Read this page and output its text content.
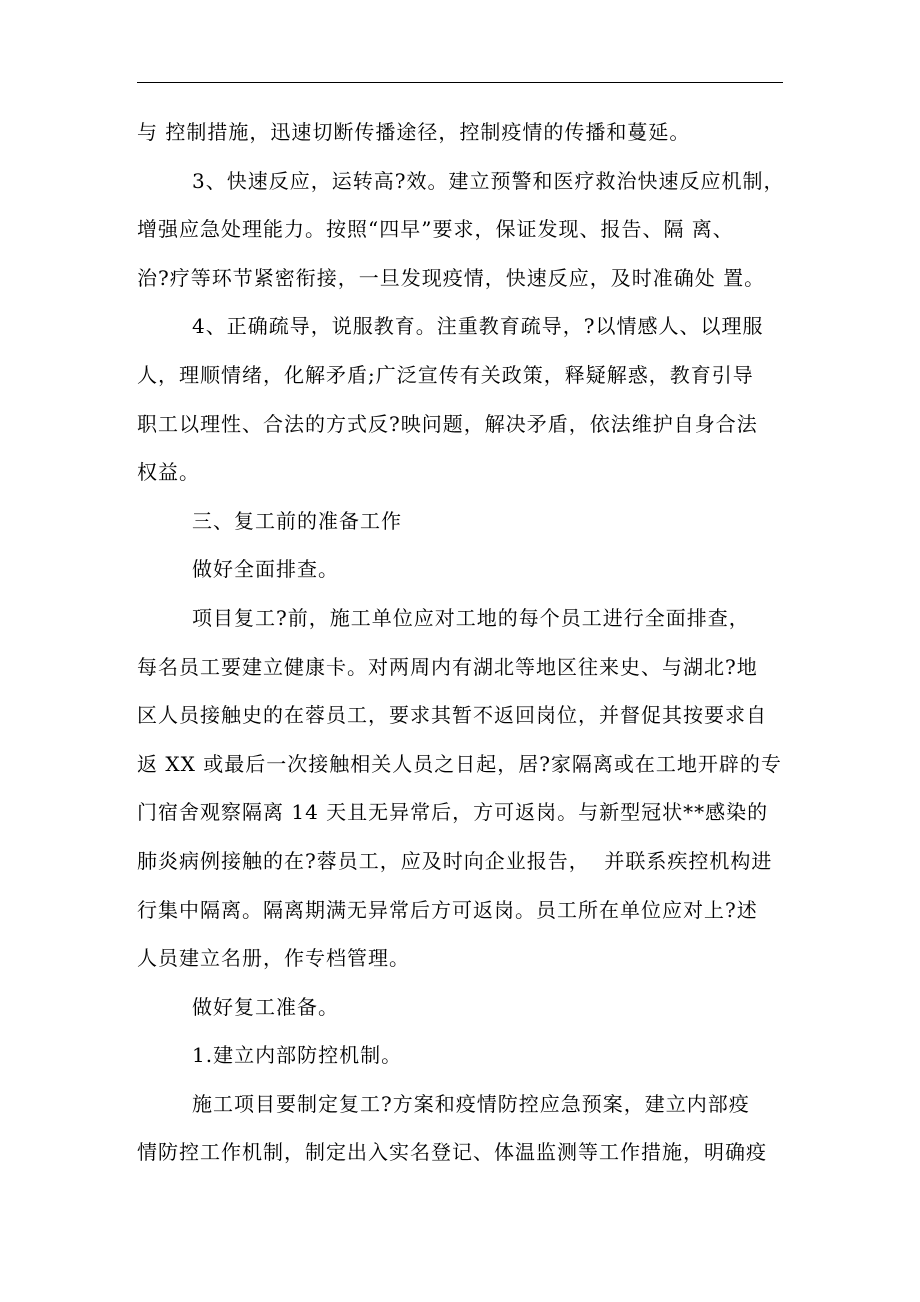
与 控制措施，迅速切断传播途径，控制疫情的传播和蔓延。
3、快速反应，运转高?效。建立预警和医疗救治快速反应机制，
增强应急处理能力。按照“四早”要求，保证发现、报告、隔 离、
治?疗等环节紧密衔接，一旦发现疫情，快速反应，及时准确处 置。
4、正确疏导，说服教育。注重教育疏导，?以情感人、以理服
人，理顺情绪，化解矛盾;广泛宣传有关政策，释疑解惑，教育引导
职工以理性、合法的方式反?映问题，解决矛盾，依法维护自身合法
权益。
三、复工前的准备工作
做好全面排查。
项目复工?前，施工单位应对工地的每个员工进行全面排查，
每名员工要建立健康卡。对两周内有湖北等地区往来史、与湖北?地
区人员接触史的在蓉员工，要求其暂不返回岗位，并督促其按要求自
返 XX 或最后一次接触相关人员之日起，居?家隔离或在工地开辟的专
门宿舍观察隔离 14 天且无异常后，方可返岗。与新型冠状**感染的
肺炎病例接触的在?蓉员工，应及时向企业报告，  并联系疾控机构进
行集中隔离。隔离期满无异常后方可返岗。员工所在单位应对上?述
人员建立名册，作专档管理。
做好复工准备。
1.建立内部防控机制。
施工项目要制定复工?方案和疫情防控应急预案，建立内部疫
情防控工作机制，制定出入实名登记、体温监测等工作措施，明确疫
